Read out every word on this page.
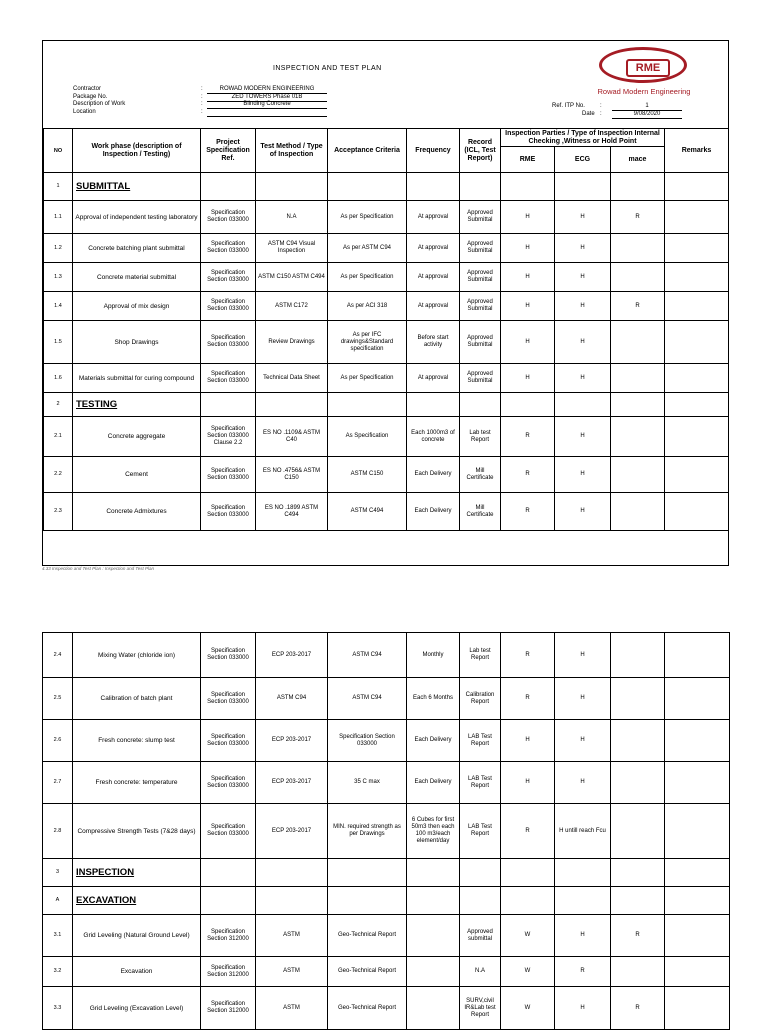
INSPECTION AND TEST PLAN
Contractor	:	ROWAD MODERN ENGINEERING
Package No.	:	ZED TOWERS Phase 01B
Description of Work	:	Blinding Concrete
Location	:
Ref. ITP No.	:	1
Date :	9/08/2020
RME
Rowad Modern Engineering
NO	Work phase (description of Inspection / Testing)	Project Specification Ref.	Test Method / Type of Inspection	Acceptance Criteria	Frequency	Record (ICL, Test Report)	Inspection Parties / Type of Inspection Internal Checking ,Witness or Hold Point			Remarks
							RME	ECG	mace	
1	SUBMITTAL									
1.1	Approval of independent testing laboratory	Specification Section 033000	N.A	As per Specification	At approval	Approved Submittal	H	H	R	
1.2	Concrete batching plant submittal	Specification Section 033000	ASTM C94 Visual Inspection	As per ASTM C94	At approval	Approved Submittal	H	H		
1.3	Concrete material submittal	Specification Section 033000	ASTM C150 ASTM C494	As per Specification	At approval	Approved Submittal	H	H		
1.4	Approval of mix design	Specification Section 033000	ASTM C172	As per ACI 318	At approval	Approved Submittal	H	H	R	
1.5	Shop Drawings	Specification Section 033000	Review Drawings	As per IFC drawings&Standard specification	Before start activity	Approved Submittal	H	H		
1.6	Materials submittal for curing compound	Specification Section 033000	Technical Data Sheet	As per Specification	At approval	Approved Submittal	H	H		
2	TESTING									
2.1	Concrete aggregate	Specification Section 033000 Clause 2.2	ES NO .1109& ASTM C40	As Specification	Each 1000m3 of concrete	Lab test Report	R	H		
2.2	Cement	Specification Section 033000	ES NO .4756& ASTM C150	ASTM C150	Each Delivery	Mill Certificate	R	H		
2.3	Concrete Admixtures	Specification Section 033000	ES NO .1899 ASTM C494	ASTM C494	Each Delivery	Mill Certificate	R	H		
4.33 Inspection and Test Plan : Inspection and Test Plan
2.4	Mixing Water (chloride ion)	Specification Section 033000	ECP 203-2017	ASTM C94	Monthly	Lab test Report	R	H		
2.5	Calibration of batch plant	Specification Section 033000	ASTM C94	ASTM C94	Each 6 Months	Calibration Report	R	H		
2.6	Fresh concrete: slump test	Specification Section 033000	ECP 203-2017	Specification Section 033000	Each Delivery	LAB Test Report	H	H		
2.7	Fresh concrete: temperature	Specification Section 033000	ECP 203-2017	35 C max	Each Delivery	LAB Test Report	H	H		
2.8	Compressive Strength Tests (7&28 days)	Specification Section 033000	ECP 203-2017	MIN. required strength as per Drawings	6 Cubes for first 50m3 then each 100 m3/each element/day	LAB Test Report	R	H untill reach Fcu		
3	INSPECTION									
A	EXCAVATION									
3.1	Grid Leveling (Natural Ground Level)	Specification Section 312000	ASTM	Geo-Technical Report		Approved submittal	W	H	R	
3.2	Excavation	Specification Section 312000	ASTM	Geo-Technical Report		N.A	W	R		
3.3	Grid Leveling (Excavation Level)	Specification Section 312000	ASTM	Geo-Technical Report		SURV,civil IR&Lab test Report	W	H	R	
